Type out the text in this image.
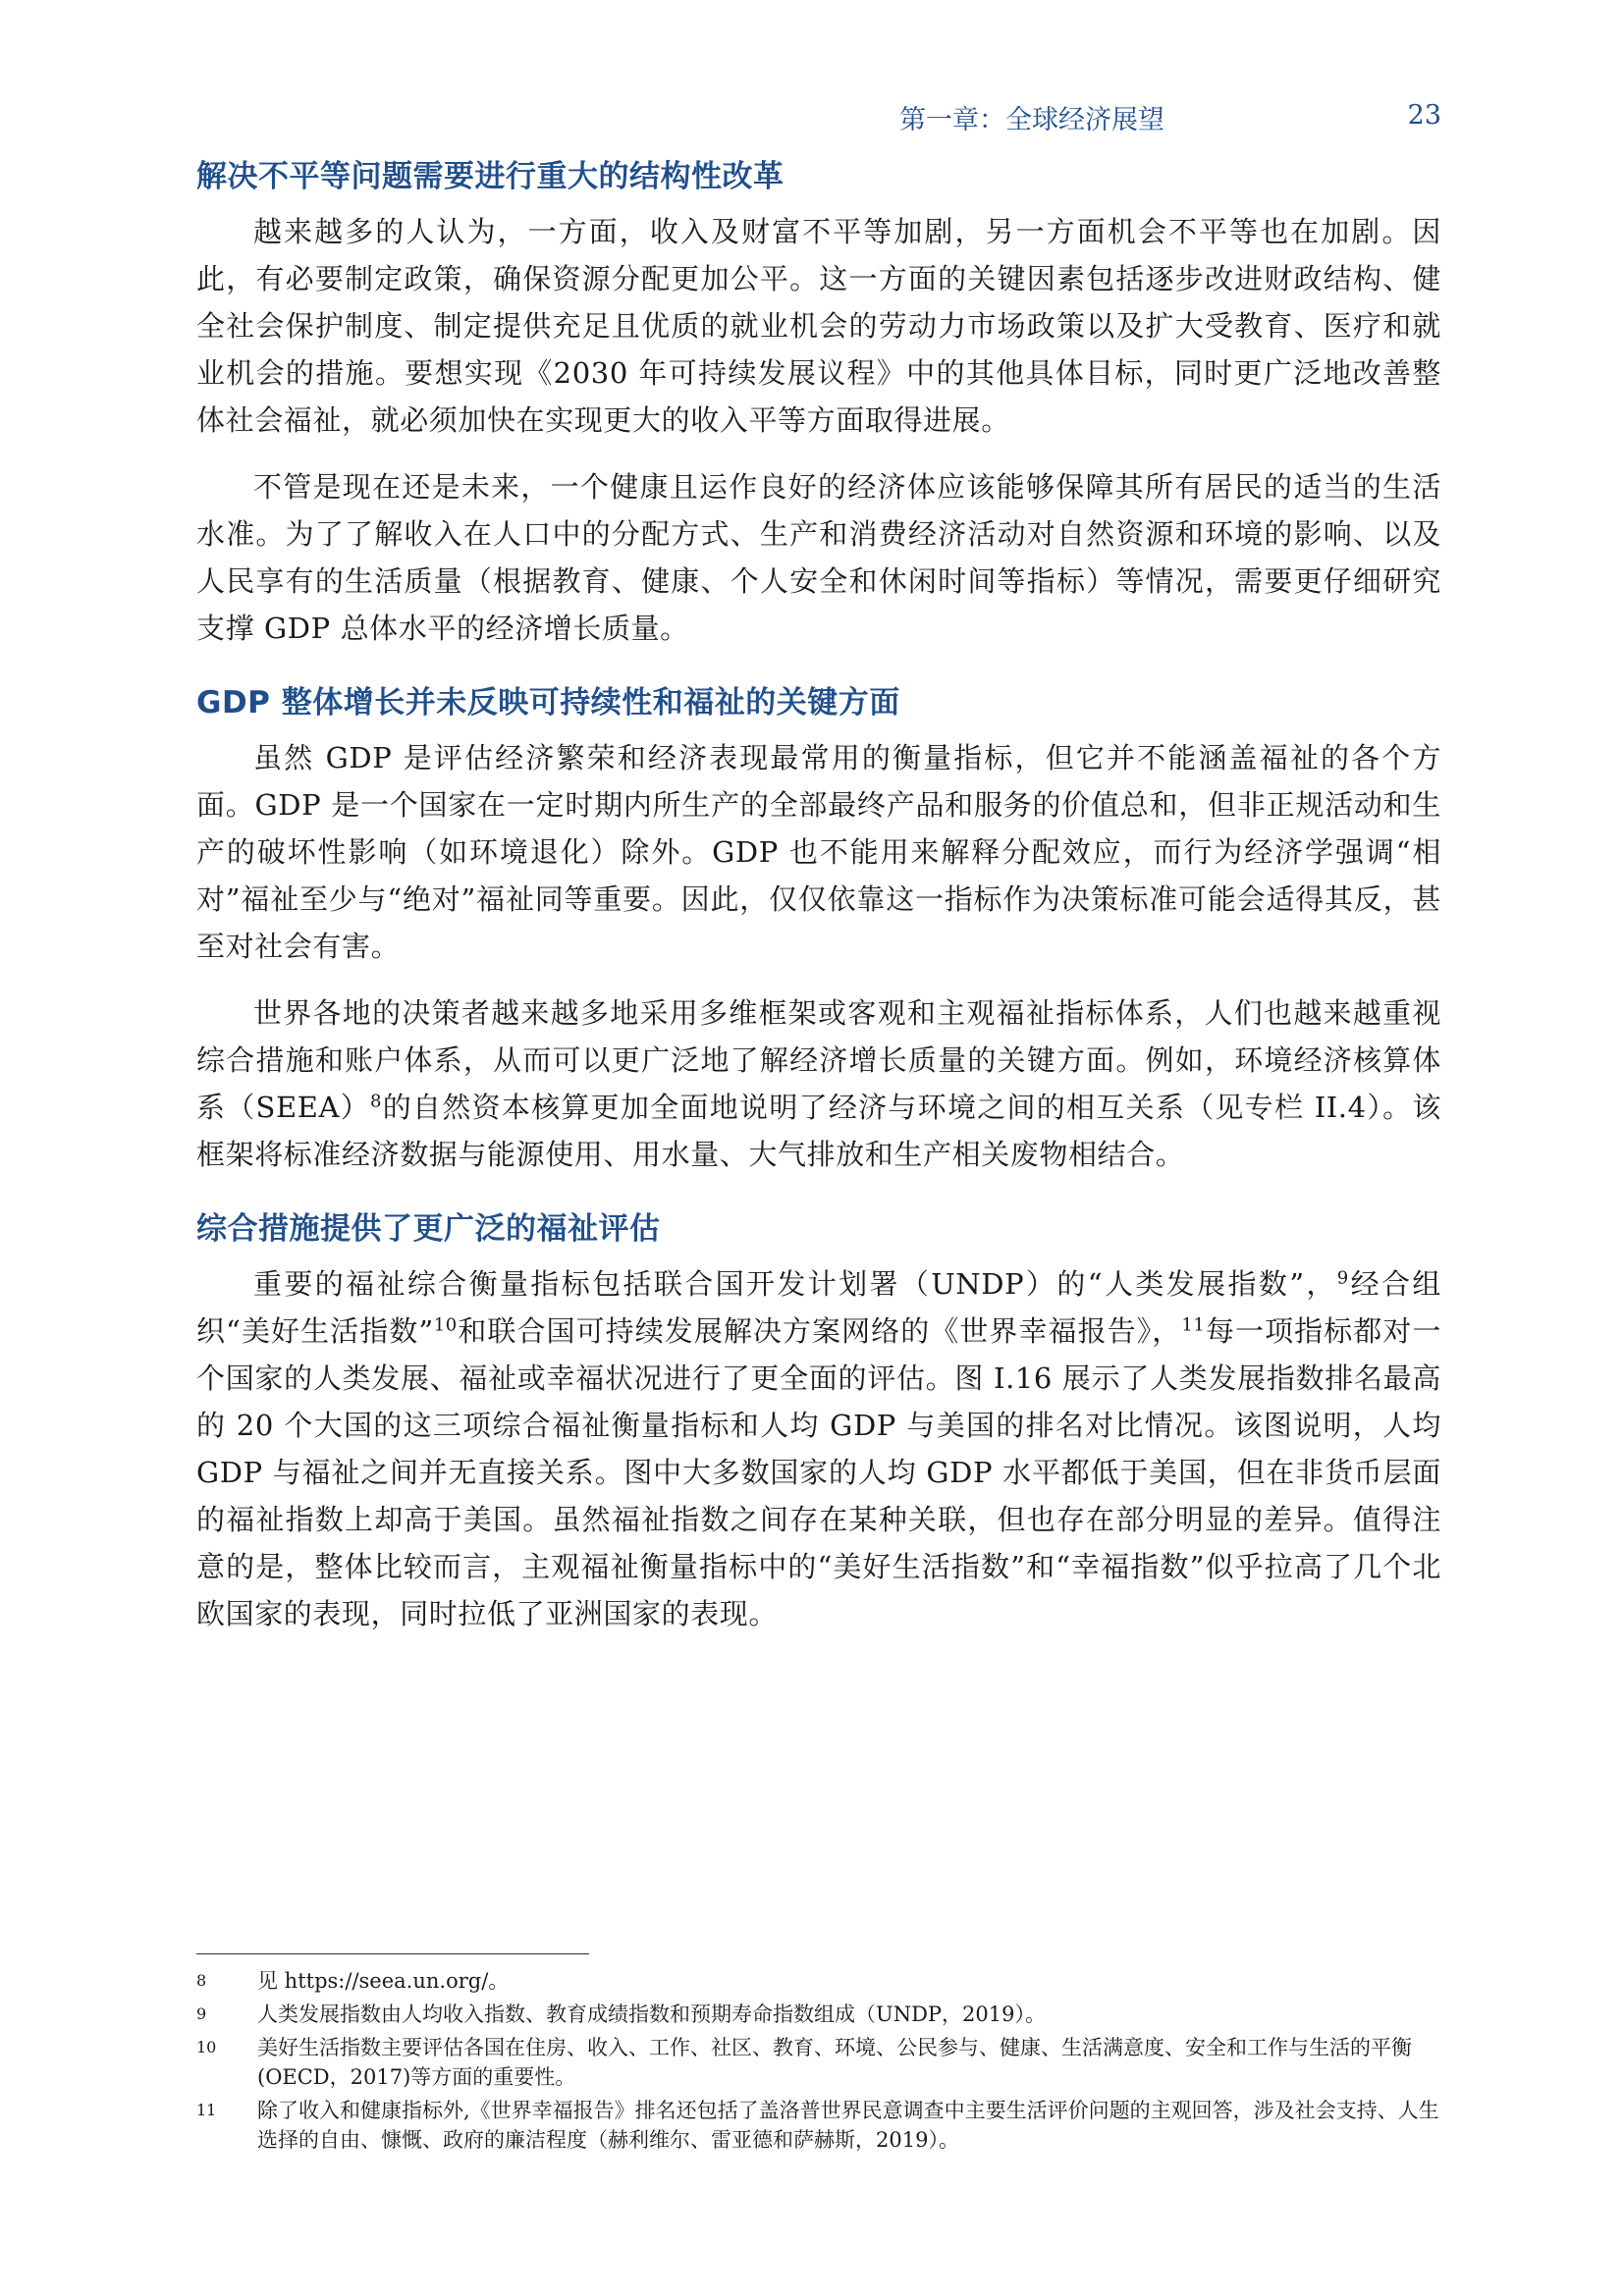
第一章：全球经济展望	23
解决不平等问题需要进行重大的结构性改革

越来越多的人认为，一方面，收入及财富不平等加剧，另一方面机会不平等也在加剧。因此，有必要制定政策，确保资源分配更加公平。这一方面的关键因素包括逐步改进财政结构、健全社会保护制度、制定提供充足且优质的就业机会的劳动力市场政策以及扩大受教育、医疗和就业机会的措施。要想实现《2030 年可持续发展议程》中的其他具体目标，同时更广泛地改善整体社会福祉，就必须加快在实现更大的收入平等方面取得进展。

不管是现在还是未来，一个健康且运作良好的经济体应该能够保障其所有居民的适当的生活水准。为了了解收入在人口中的分配方式、生产和消费经济活动对自然资源和环境的影响、以及人民享有的生活质量（根据教育、健康、个人安全和休闲时间等指标）等情况，需要更仔细研究支撑 GDP 总体水平的经济增长质量。

GDP 整体增长并未反映可持续性和福祉的关键方面

虽然 GDP 是评估经济繁荣和经济表现最常用的衡量指标，但它并不能涵盖福祉的各个方面。GDP 是一个国家在一定时期内所生产的全部最终产品和服务的价值总和，但非正规活动和生产的破坏性影响（如环境退化）除外。GDP 也不能用来解释分配效应，而行为经济学强调“相对”福祉至少与“绝对”福祉同等重要。因此，仅仅依靠这一指标作为决策标准可能会适得其反，甚至对社会有害。

世界各地的决策者越来越多地采用多维框架或客观和主观福祉指标体系，人们也越来越重视综合措施和账户体系，从而可以更广泛地了解经济增长质量的关键方面。例如，环境经济核算体系（SEEA）$^8$的自然资本核算更加全面地说明了经济与环境之间的相互关系（见专栏 II.4）。该框架将标准经济数据与能源使用、用水量、大气排放和生产相关废物相结合。

综合措施提供了更广泛的福祉评估

重要的福祉综合衡量指标包括联合国开发计划署（UNDP）的“人类发展指数”，$^9$经合组织“美好生活指数”$^{10}$和联合国可持续发展解决方案网络的《世界幸福报告》，$^{11}$每一项指标都对一个国家的人类发展、福祉或幸福状况进行了更全面的评估。图 I.16 展示了人类发展指数排名最高的 20 个大国的这三项综合福祉衡量指标和人均 GDP 与美国的排名对比情况。该图说明，人均 GDP 与福祉之间并无直接关系。图中大多数国家的人均 GDP 水平都低于美国，但在非货币层面的福祉指数上却高于美国。虽然福祉指数之间存在某种关联，但也存在部分明显的差异。值得注意的是，整体比较而言，主观福祉衡量指标中的“美好生活指数”和“幸福指数”似乎拉高了几个北欧国家的表现，同时拉低了亚洲国家的表现。

8 见 https://seea.un.org/。
9 人类发展指数由人均收入指数、教育成绩指数和预期寿命指数组成（UNDP，2019）。
10 美好生活指数主要评估各国在住房、收入、工作、社区、教育、环境、公民参与、健康、生活满意度、安全和工作与生活的平衡(OECD，2017)等方面的重要性。
11 除了收入和健康指标外,《世界幸福报告》排名还包括了盖洛普世界民意调查中主要生活评价问题的主观回答，涉及社会支持、人生选择的自由、慷慨、政府的廉洁程度（赫利维尔、雷亚德和萨赫斯，2019）。
